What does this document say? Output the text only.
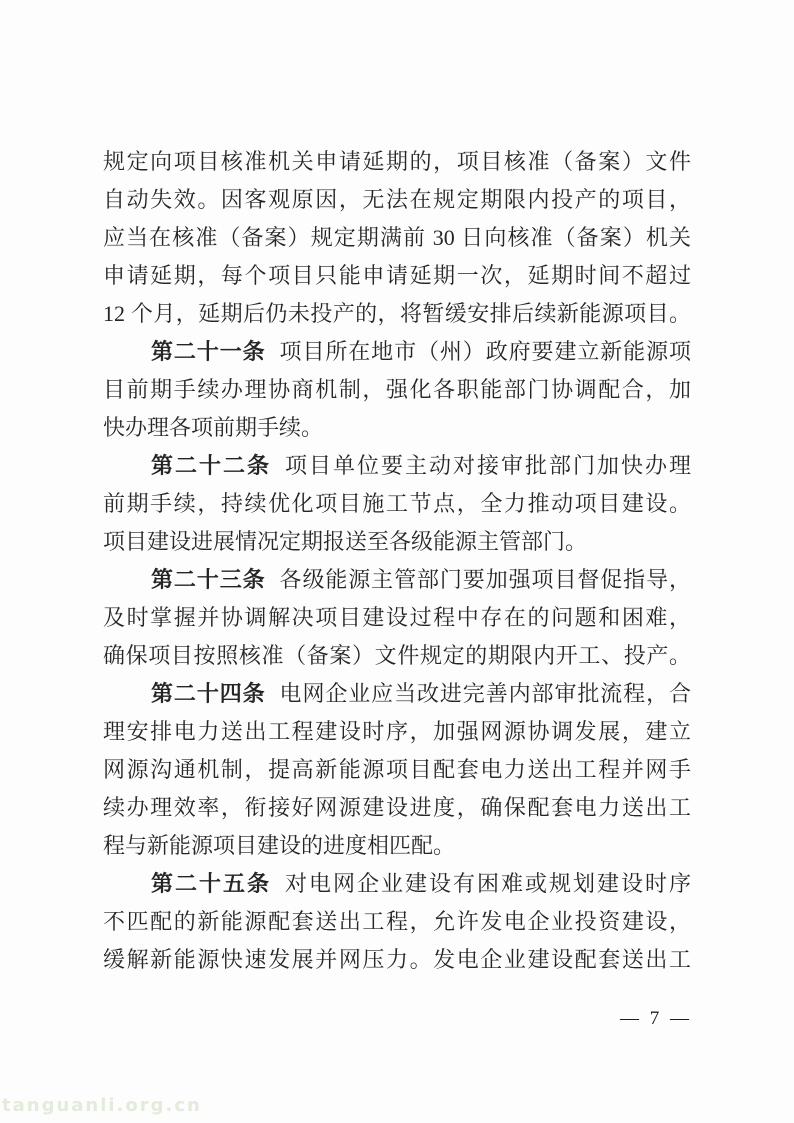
规定向项目核准机关申请延期的，项目核准（备案）文件
自动失效。因客观原因，无法在规定期限内投产的项目，
应当在核准（备案）规定期满前 30 日向核准（备案）机关
申请延期，每个项目只能申请延期一次，延期时间不超过
12 个月，延期后仍未投产的，将暂缓安排后续新能源项目。
第二十一条 项目所在地市（州）政府要建立新能源项
目前期手续办理协商机制，强化各职能部门协调配合，加
快办理各项前期手续。
第二十二条 项目单位要主动对接审批部门加快办理
前期手续，持续优化项目施工节点，全力推动项目建设。
项目建设进展情况定期报送至各级能源主管部门。
第二十三条 各级能源主管部门要加强项目督促指导，
及时掌握并协调解决项目建设过程中存在的问题和困难，
确保项目按照核准（备案）文件规定的期限内开工、投产。
第二十四条 电网企业应当改进完善内部审批流程，合
理安排电力送出工程建设时序，加强网源协调发展，建立
网源沟通机制，提高新能源项目配套电力送出工程并网手
续办理效率，衔接好网源建设进度，确保配套电力送出工
程与新能源项目建设的进度相匹配。
第二十五条 对电网企业建设有困难或规划建设时序
不匹配的新能源配套送出工程，允许发电企业投资建设，
缓解新能源快速发展并网压力。发电企业建设配套送出工
— 7 —
tanguanli.org.cn
